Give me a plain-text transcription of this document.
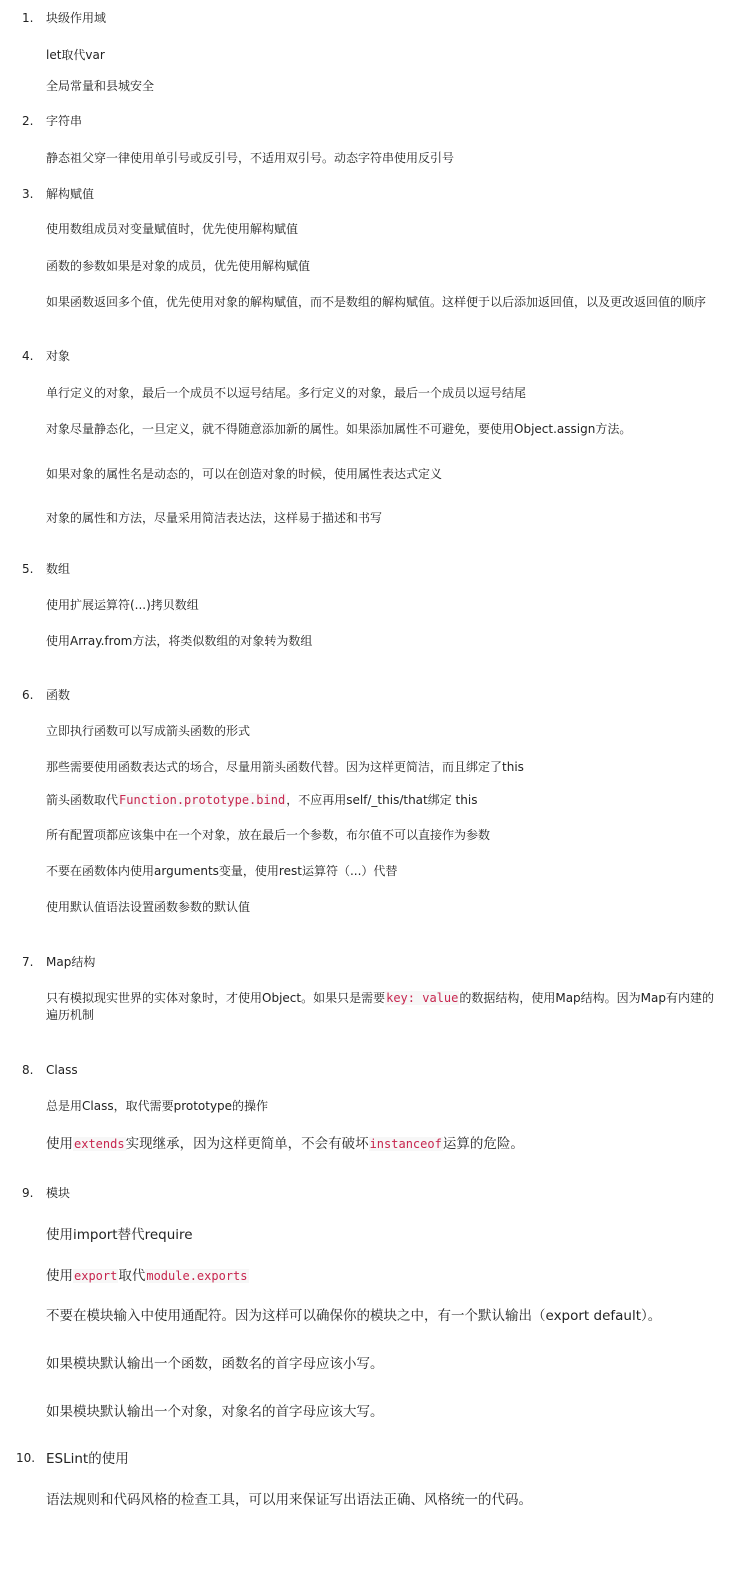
1. 块级作用域
let取代var
全局常量和县城安全
2. 字符串
静态祖父穿一律使用单引号或反引号，不适用双引号。动态字符串使用反引号
3. 解构赋值
使用数组成员对变量赋值时，优先使用解构赋值
函数的参数如果是对象的成员，优先使用解构赋值
如果函数返回多个值，优先使用对象的解构赋值，而不是数组的解构赋值。这样便于以后添加返回值，以及更改返回值的顺序
4. 对象
单行定义的对象，最后一个成员不以逗号结尾。多行定义的对象，最后一个成员以逗号结尾
对象尽量静态化，一旦定义，就不得随意添加新的属性。如果添加属性不可避免，要使用Object.assign方法。
如果对象的属性名是动态的，可以在创造对象的时候，使用属性表达式定义
对象的属性和方法，尽量采用简洁表达法，这样易于描述和书写
5. 数组
使用扩展运算符(...)拷贝数组
使用Array.from方法，将类似数组的对象转为数组
6. 函数
立即执行函数可以写成箭头函数的形式
那些需要使用函数表达式的场合，尽量用箭头函数代替。因为这样更简洁，而且绑定了this
箭头函数取代Function.prototype.bind，不应再用self/_this/that绑定 this
所有配置项都应该集中在一个对象，放在最后一个参数，布尔值不可以直接作为参数
不要在函数体内使用arguments变量，使用rest运算符（...）代替
使用默认值语法设置函数参数的默认值
7. Map结构
只有模拟现实世界的实体对象时，才使用Object。如果只是需要key: value的数据结构，使用Map结构。因为Map有内建的遍历机制
8. Class
总是用Class，取代需要prototype的操作
使用extends实现继承，因为这样更简单，不会有破坏instanceof运算的危险。
9. 模块
使用import替代require
使用export取代module.exports
不要在模块输入中使用通配符。因为这样可以确保你的模块之中，有一个默认输出（export default）。
如果模块默认输出一个函数，函数名的首字母应该小写。
如果模块默认输出一个对象，对象名的首字母应该大写。
10. ESLint的使用
语法规则和代码风格的检查工具，可以用来保证写出语法正确、风格统一的代码。
